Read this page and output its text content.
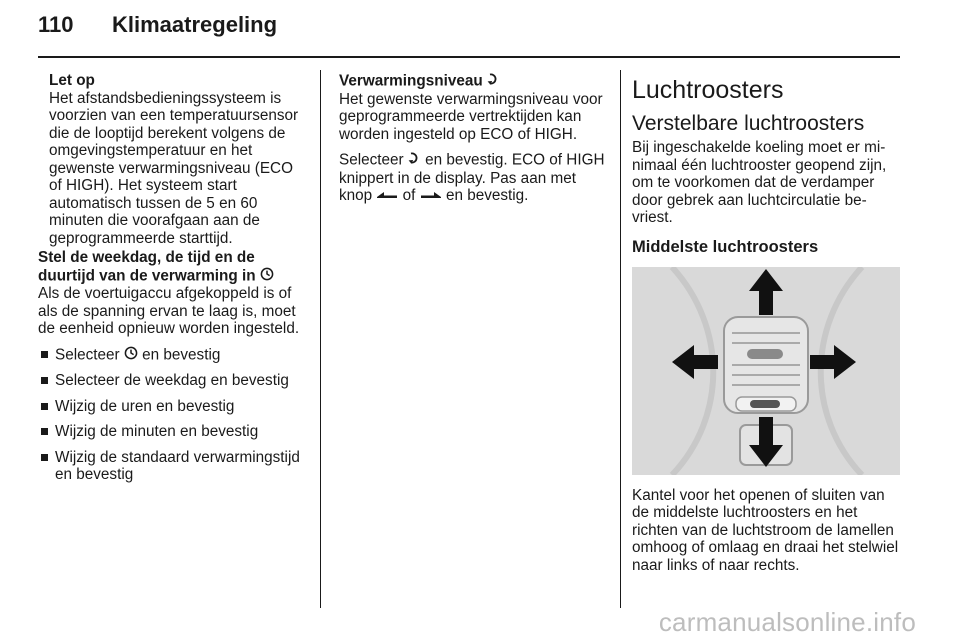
110 Klimaatregeling

Let op

Het afstandsbedieningssysteem is voorzien van een temperatuursensor die de looptijd berekent volgens de omgevingstemperatuur en het gewenste verwarmingsniveau (ECO of HIGH). Het systeem start automatisch tussen de 5 en 60 minuten die voorafgaan aan de geprogrammeerde starttijd.

Stel de weekdag, de tijd en de duurtijd van de verwarming in

Als de voertuigaccu afgekoppeld is of als de spanning ervan te laag is, moet de eenheid opnieuw worden ingesteld.

Selecteer en bevestig
Selecteer de weekdag en bevestig
Wijzig de uren en bevestig
Wijzig de minuten en bevestig
Wijzig de standaard verwarmingstijd en bevestig

Verwarmingsniveau

Het gewenste verwarmingsniveau voor geprogrammeerde vertrektijden kan worden ingesteld op ECO of HIGH.

Selecteer en bevestig. ECO of HIGH knippert in de display. Pas aan met knop of en bevestig.

Luchtroosters

Verstelbare luchtroosters

Bij ingeschakelde koeling moet er minimaal één luchtrooster geopend zijn, om te voorkomen dat de verdamper door gebrek aan luchtcirculatie bevriest.

Middelste luchtroosters

Kantel voor het openen of sluiten van de middelste luchtroosters en het richten van de luchtstroom de lamellen omhoog of omlaag en draai het stelwiel naar links of naar rechts.

carmanualsonline.info
